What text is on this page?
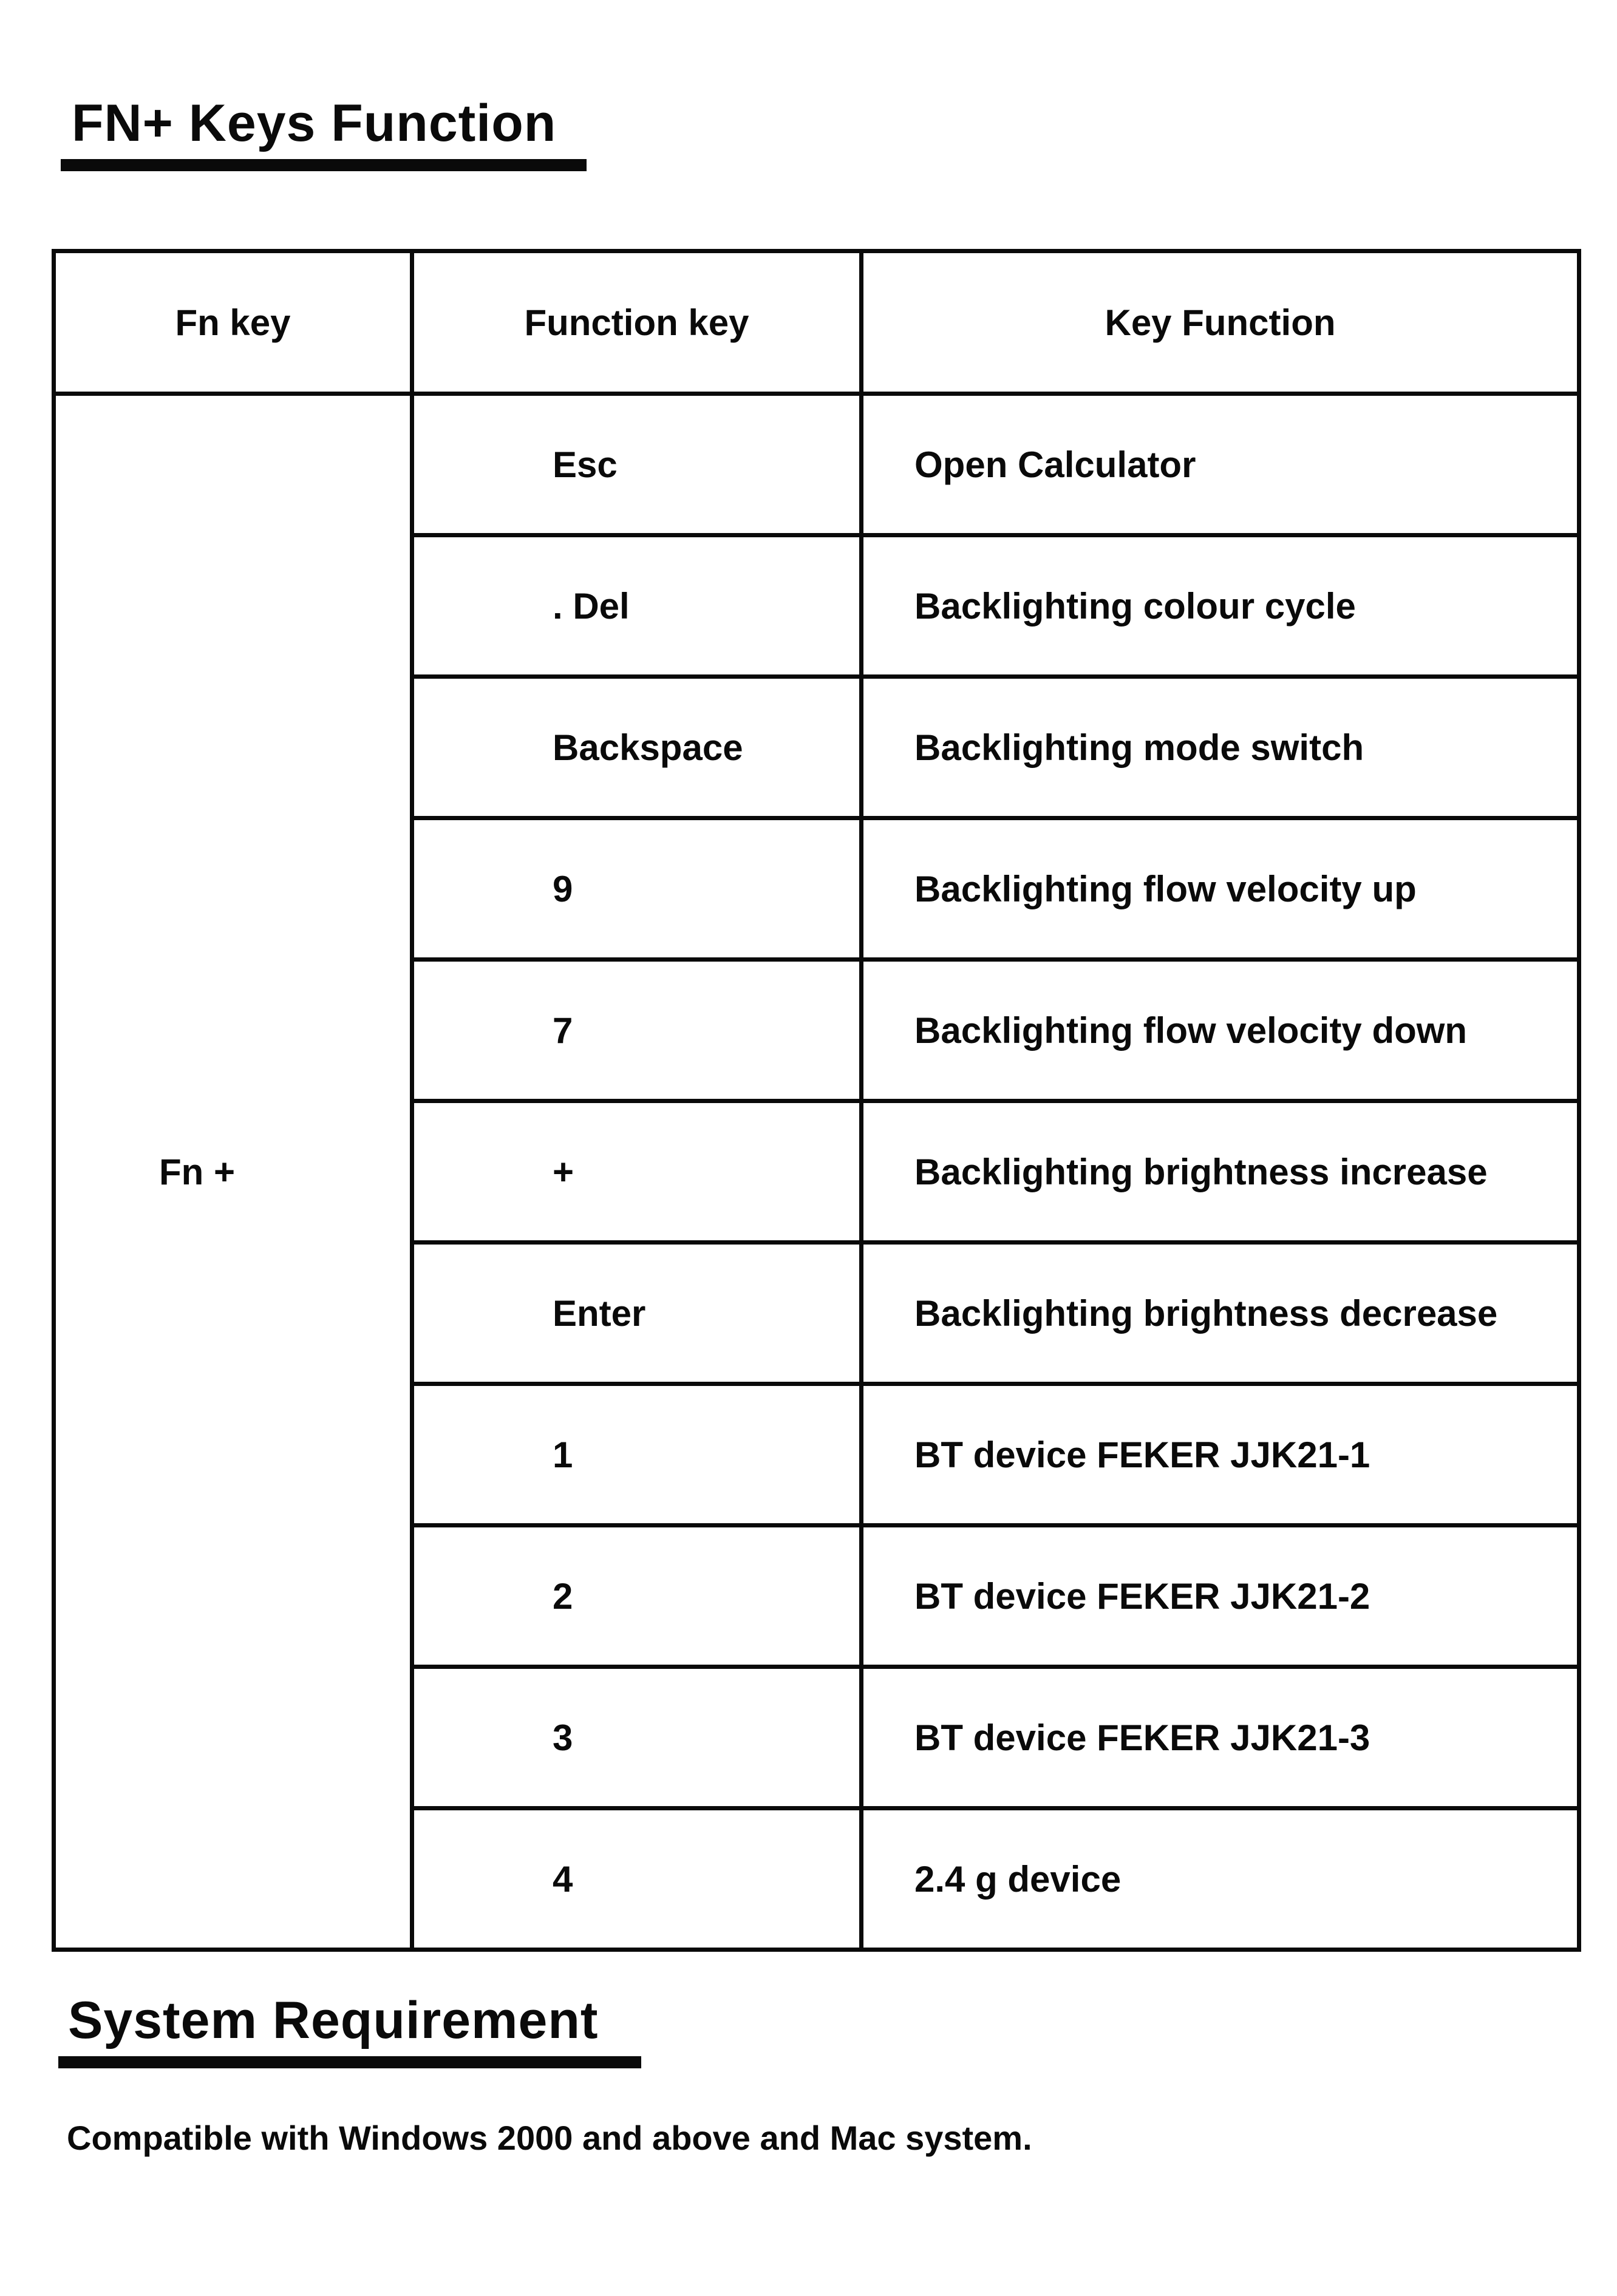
FN+ Keys Function
Fn key	Function key	Key Function
Fn +	Esc	Open Calculator
	. Del	Backlighting colour cycle
	Backspace	Backlighting mode switch
	9	Backlighting flow velocity up
	7	Backlighting flow velocity down
	+	Backlighting brightness increase
	Enter	Backlighting brightness decrease
	1	BT device FEKER JJK21-1
	2	BT device FEKER JJK21-2
	3	BT device FEKER JJK21-3
	4	2.4 g device
System Requirement

Compatible with Windows 2000 and above and Mac system.
